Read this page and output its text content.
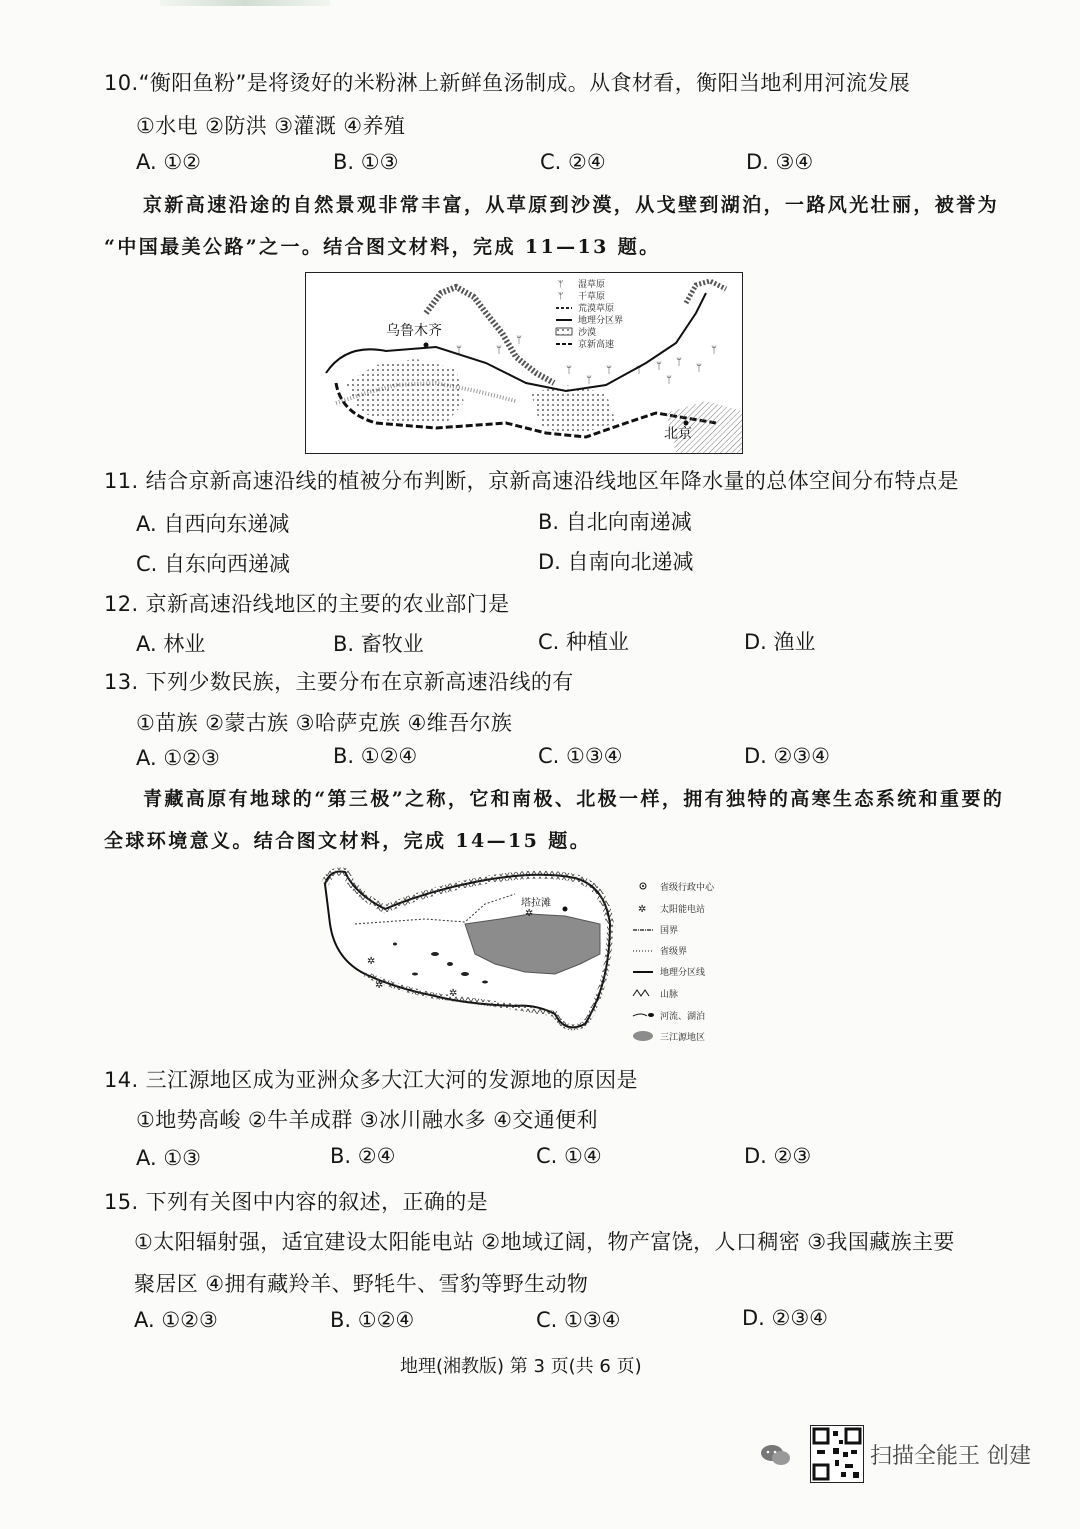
10.“衡阳鱼粉”是将烫好的米粉淋上新鲜鱼汤制成。从食材看，衡阳当地利用河流发展
①水电 ②防洪 ③灌溉 ④养殖
A. ①②	B. ①③	C. ②④	D. ③④
京新高速沿途的自然景观非常丰富，从草原到沙漠，从戈壁到湖泊，一路风光壮丽，被誉为
“中国最美公路”之一。结合图文材料，完成 11—13 题。
ᛘ ᛘ ᛘ
ᛘ
ᛘ
ᛘ
ᛘ
ᛘ
ᛘ
ᛘ
ᛘ
ᛘ
乌鲁木齐
北京
ᛘ 湿草原
ᛘ 干草原
荒漠草原
地理分区界
沙漠
京新高速
11. 结合京新高速沿线的植被分布判断，京新高速沿线地区年降水量的总体空间分布特点是
A. 自西向东递减	B. 自北向南递减
C. 自东向西递减	D. 自南向北递减
12. 京新高速沿线地区的主要的农业部门是
A. 林业	B. 畜牧业	C. 种植业	D. 渔业
13. 下列少数民族，主要分布在京新高速沿线的有
①苗族 ②蒙古族 ③哈萨克族 ④维吾尔族
A. ①②③	B. ①②④	C. ①③④	D. ②③④
青藏高原有地球的“第三极”之称，它和南极、北极一样，拥有独特的高寒生态系统和重要的
全球环境意义。结合图文材料，完成 14—15 题。
✲
✲
✲
✲
塔拉滩
省级行政中心
✲ 太阳能电站
国界
省级界
地理分区线
山脉
河流、湖泊
三江源地区
14. 三江源地区成为亚洲众多大江大河的发源地的原因是
①地势高峻 ②牛羊成群 ③冰川融水多 ④交通便利
A. ①③	B. ②④	C. ①④	D. ②③
15. 下列有关图中内容的叙述，正确的是
①太阳辐射强，适宜建设太阳能电站 ②地域辽阔，物产富饶，人口稠密 ③我国藏族主要
聚居区 ④拥有藏羚羊、野牦牛、雪豹等野生动物
A. ①②③	B. ①②④	C. ①③④	D. ②③④
地理(湘教版) 第 3 页(共 6 页)
扫描全能王 创建
